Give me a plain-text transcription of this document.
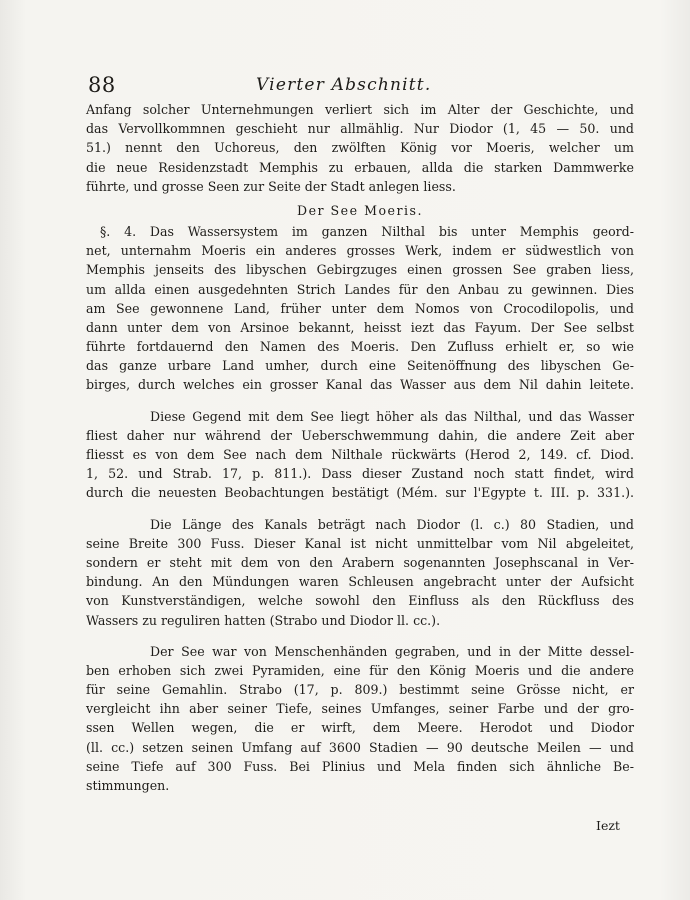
88	Vierter Abschnitt.
Anfang solcher Unternehmungen verliert sich im Alter der Geschichte, und
das Vervollkommnen geschieht nur allmählig. Nur Diodor (1, 45 — 50. und
51.) nennt den Uchoreus, den zwölften König vor Moeris, welcher um
die neue Residenzstadt Memphis zu erbauen, allda die starken Dammwerke
führte, und grosse Seen zur Seite der Stadt anlegen liess.
Der See Moeris.
§. 4. Das Wassersystem im ganzen Nilthal bis unter Memphis geord-
net, unternahm Moeris ein anderes grosses Werk, indem er südwestlich von
Memphis jenseits des libyschen Gebirgzuges einen grossen See graben liess,
um allda einen ausgedehnten Strich Landes für den Anbau zu gewinnen. Dies
am See gewonnene Land, früher unter dem Nomos von Crocodilopolis, und
dann unter dem von Arsinoe bekannt, heisst iezt das Fayum. Der See selbst
führte fortdauernd den Namen des Moeris. Den Zufluss erhielt er, so wie
das ganze urbare Land umher, durch eine Seitenöffnung des libyschen Ge-
birges, durch welches ein grosser Kanal das Wasser aus dem Nil dahin leitete.
Diese Gegend mit dem See liegt höher als das Nilthal, und das Wasser
fliest daher nur während der Ueberschwemmung dahin, die andere Zeit aber
fliesst es von dem See nach dem Nilthale rückwärts (Herod 2, 149. cf. Diod.
1, 52. und Strab. 17, p. 811.). Dass dieser Zustand noch statt findet, wird
durch die neuesten Beobachtungen bestätigt (Mém. sur l'Egypte t. III. p. 331.).
Die Länge des Kanals beträgt nach Diodor (l. c.) 80 Stadien, und
seine Breite 300 Fuss. Dieser Kanal ist nicht unmittelbar vom Nil abgeleitet,
sondern er steht mit dem von den Arabern sogenannten Josephscanal in Ver-
bindung. An den Mündungen waren Schleusen angebracht unter der Aufsicht
von Kunstverständigen, welche sowohl den Einfluss als den Rückfluss des
Wassers zu reguliren hatten (Strabo und Diodor ll. cc.).
Der See war von Menschenhänden gegraben, und in der Mitte dessel-
ben erhoben sich zwei Pyramiden, eine für den König Moeris und die andere
für seine Gemahlin. Strabo (17, p. 809.) bestimmt seine Grösse nicht, er
vergleicht ihn aber seiner Tiefe, seines Umfanges, seiner Farbe und der gro-
ssen Wellen wegen, die er wirft, dem Meere. Herodot und Diodor
(ll. cc.) setzen seinen Umfang auf 3600 Stadien — 90 deutsche Meilen — und
seine Tiefe auf 300 Fuss. Bei Plinius und Mela finden sich ähnliche Be-
stimmungen.
Iezt
